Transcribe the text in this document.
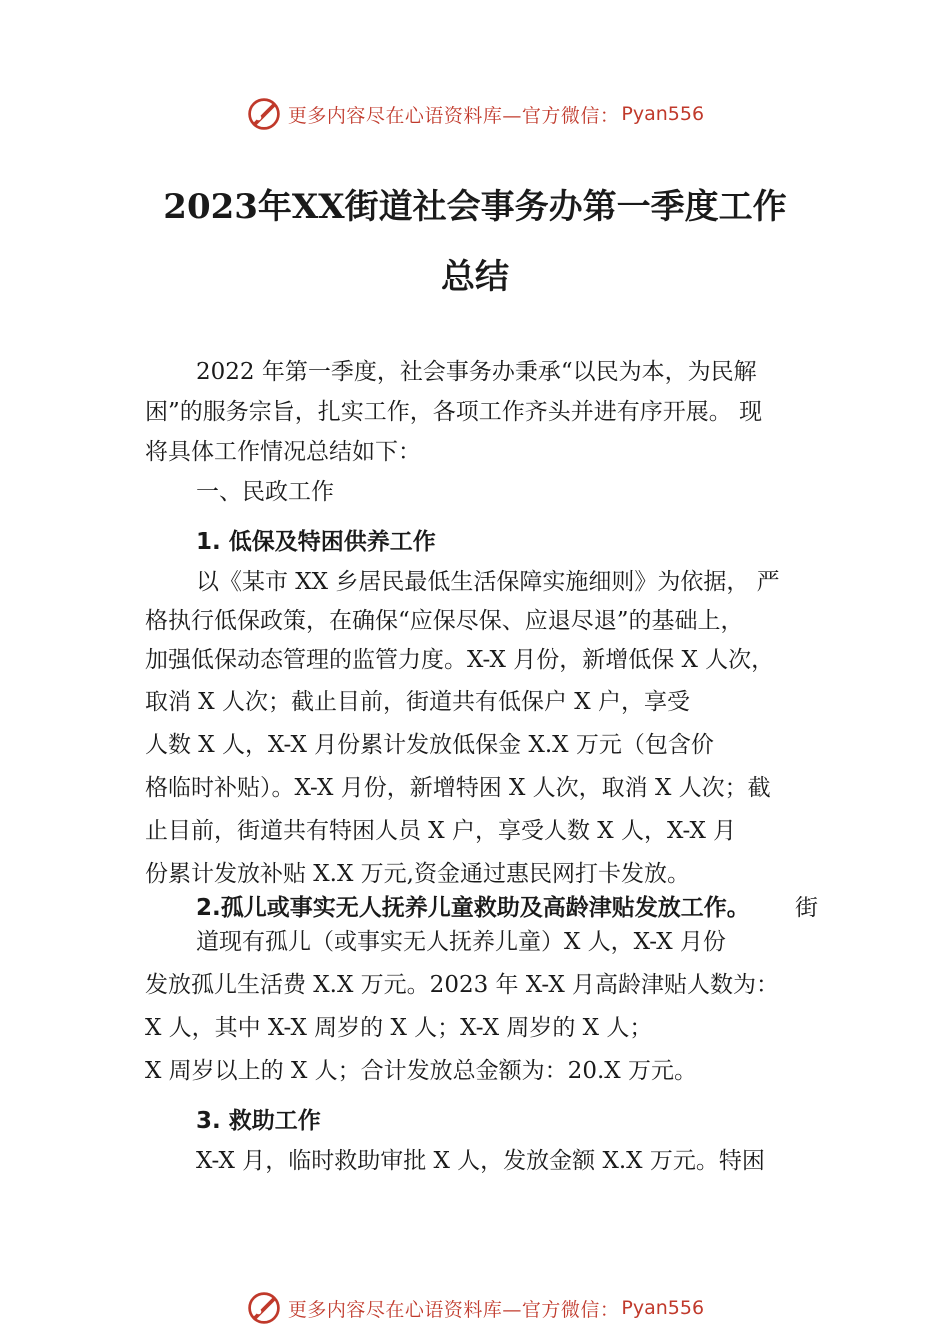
更多内容尽在心语资料库—官方微信： Pyan556
2023年XX街道社会事务办第一季度工作
总结
2022 年第一季度，社会事务办秉承“以民为本，为民解
困”的服务宗旨，扎实工作，各项工作齐头并进有序开展。 现
将具体工作情况总结如下：
一、民政工作
1. 低保及特困供养工作
以《某市 XX 乡居民最低生活保障实施细则》为依据， 严
格执行低保政策，在确保“应保尽保、应退尽退”的基础上，
加强低保动态管理的监管力度。X-X 月份，新增低保 X 人次，
取消 X 人次；截止目前，街道共有低保户 X 户，享受
人数 X 人，X-X 月份累计发放低保金 X.X 万元（包含价
格临时补贴）。X-X 月份，新增特困 X 人次，取消 X 人次；截
止目前，街道共有特困人员 X 户，享受人数 X 人，X-X 月
份累计发放补贴 X.X 万元,资金通过惠民网打卡发放。
2.孤儿或事实无人抚养儿童救助及高龄津贴发放工作。 街
道现有孤儿（或事实无人抚养儿童）X 人，X-X 月份
发放孤儿生活费 X.X 万元。2023 年 X-X 月高龄津贴人数为：
X 人，其中 X-X 周岁的 X 人；X-X 周岁的 X 人；
X 周岁以上的 X 人；合计发放总金额为：20.X 万元。
3. 救助工作
X-X 月，临时救助审批 X 人，发放金额 X.X 万元。特困
更多内容尽在心语资料库—官方微信： Pyan556
